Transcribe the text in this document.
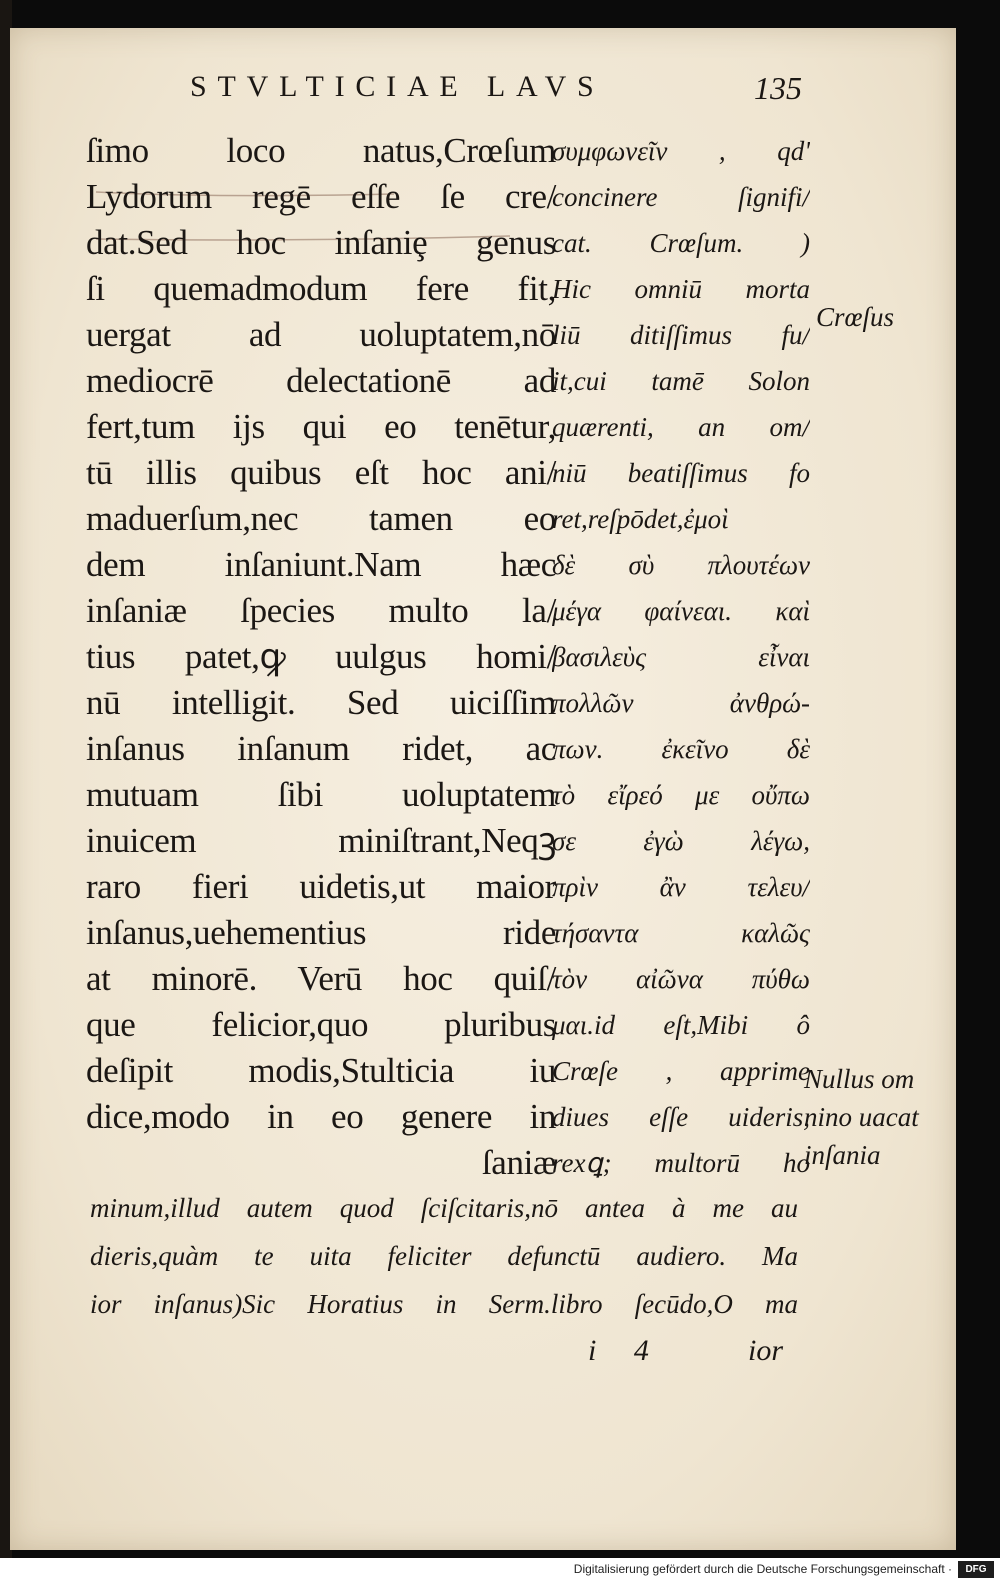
STVLTICIAE LAVS	135
ſimo loco natus,Crœſum
Lydorum regē eſſe ſe cre/
dat.Sed hoc inſaniȩ genus
ſi quemadmodum fere fit,
uergat ad uoluptatem,nō
mediocrē delectationē ad
fert,tum ijs qui eo tenētur,
tū illis quibus eſt hoc ani/
maduerſum,nec tamen eo
dem inſaniunt.Nam hæc
inſaniæ ſpecies multo la/
tius patet,ꝙ uulgus homi/
nū intelligit. Sed uiciſſim
inſanus inſanum ridet, ac
mutuam ſibi uoluptatem
inuicem miniſtrant,Neqꝫ
raro fieri uidetis,ut maior
inſanus,uehementius ride
at minorē. Verū hoc quiſ/
que felicior,quo pluribus
deſipit modis,Stulticia iu
dice,modo in eo genere in
ſaniæ
συμφωνεῖν , qd'
concinere ſignifi/
cat. Crœſum. )
Hic omniū morta
liū ditiſſimus fu/
it,cui tamē Solon
quærenti, an om/
niū beatiſſimus fo
ret,reſpōdet,ἐμοὶ
δὲ σὺ πλουτέων
μέγα φαίνεαι. καὶ
βασιλεὺς εἶναι
πολλῶν ἀνθρώ-
πων. ἐκεῖνο δὲ
τὸ εἴρεό με οὔπω
σε ἐγὼ λέγω,
πρὶν ἂν τελευ/
τήσαντα καλῶς
τὸν αἰῶνα πύθω
μαι.id eſt,Mibi ô
Crœſe , apprime
diues eſſe uideris,
rexꝗ; multorū ho
minum,illud autem quod ſciſcitaris,nō antea à me au
dieris,quàm te uita feliciter defunctū audiero. Ma
ior inſanus)Sic Horatius in Serm.libro ſecūdo,O ma
Crœſus
Nullus om
nino uacat
inſania
i 4	ior
Digitalisierung gefördert durch die Deutsche Forschungsgemeinschaft ·	DFG
